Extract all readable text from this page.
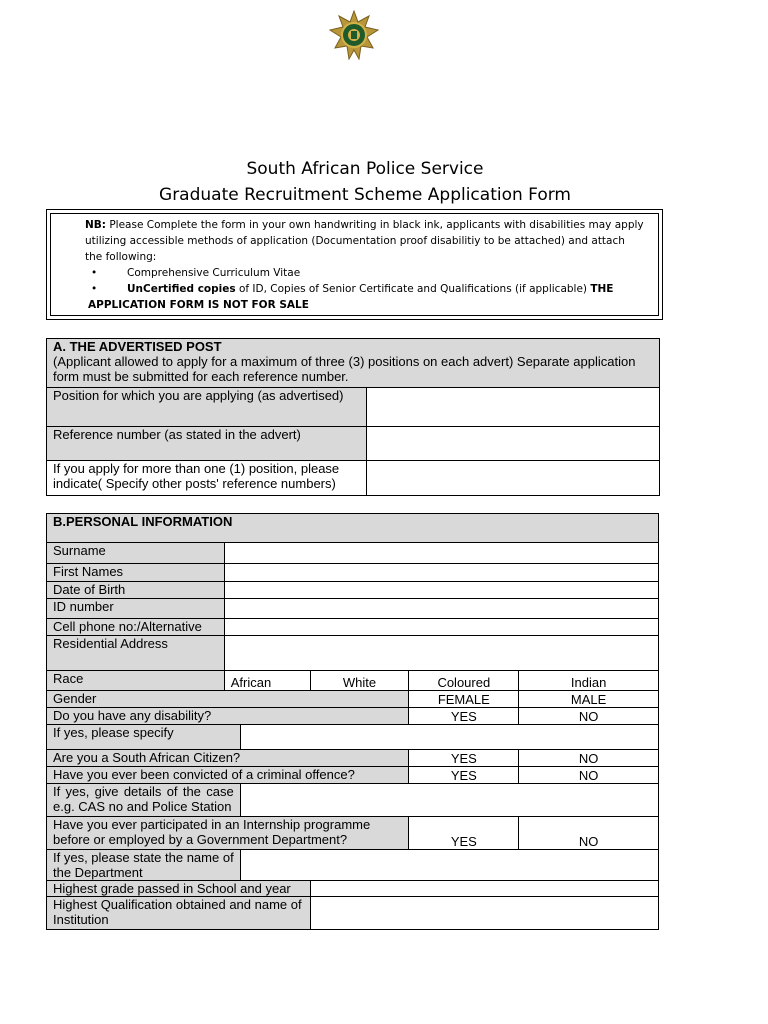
South African Police Service
Graduate Recruitment Scheme Application Form
NB: Please Complete the form in your own handwriting in black ink, applicants with disabilities may apply utilizing accessible methods of application (Documentation proof disabilitiy to be attached) and attach the following:
• Comprehensive Curriculum Vitae
• UnCertified copies of ID, Copies of Senior Certificate and Qualifications (if applicable) THE
APPLICATION FORM IS NOT FOR SALE
A. THE ADVERTISED POST
(Applicant allowed to apply for a maximum of three (3) positions on each advert) Separate application form must be submitted for each reference number.	

Position for which you are applying (as advertised)	
Reference number (as stated in the advert)	
If you apply for more than one (1) position, please indicate( Specify other posts' reference numbers)	
B.PERSONAL INFORMATION					
Surname					
First Names					
Date of Birth					
ID number					
Cell phone no:/Alternative					
Residential Address					
Race	African		White	Coloured	Indian
Gender				FEMALE	MALE
Do you have any disability?				YES	NO
If yes, please specify					
Are you a South African Citizen?				YES	NO
Have you ever been convicted of a criminal offence?				YES	NO
If yes, give details of the case e.g. CAS no and Police Station					
Have you ever participated in an Internship programme before or employed by a Government Department?				YES	NO
If yes, please state the name of the Department					
Highest grade passed in School and year					
Highest Qualification obtained and name of Institution					
